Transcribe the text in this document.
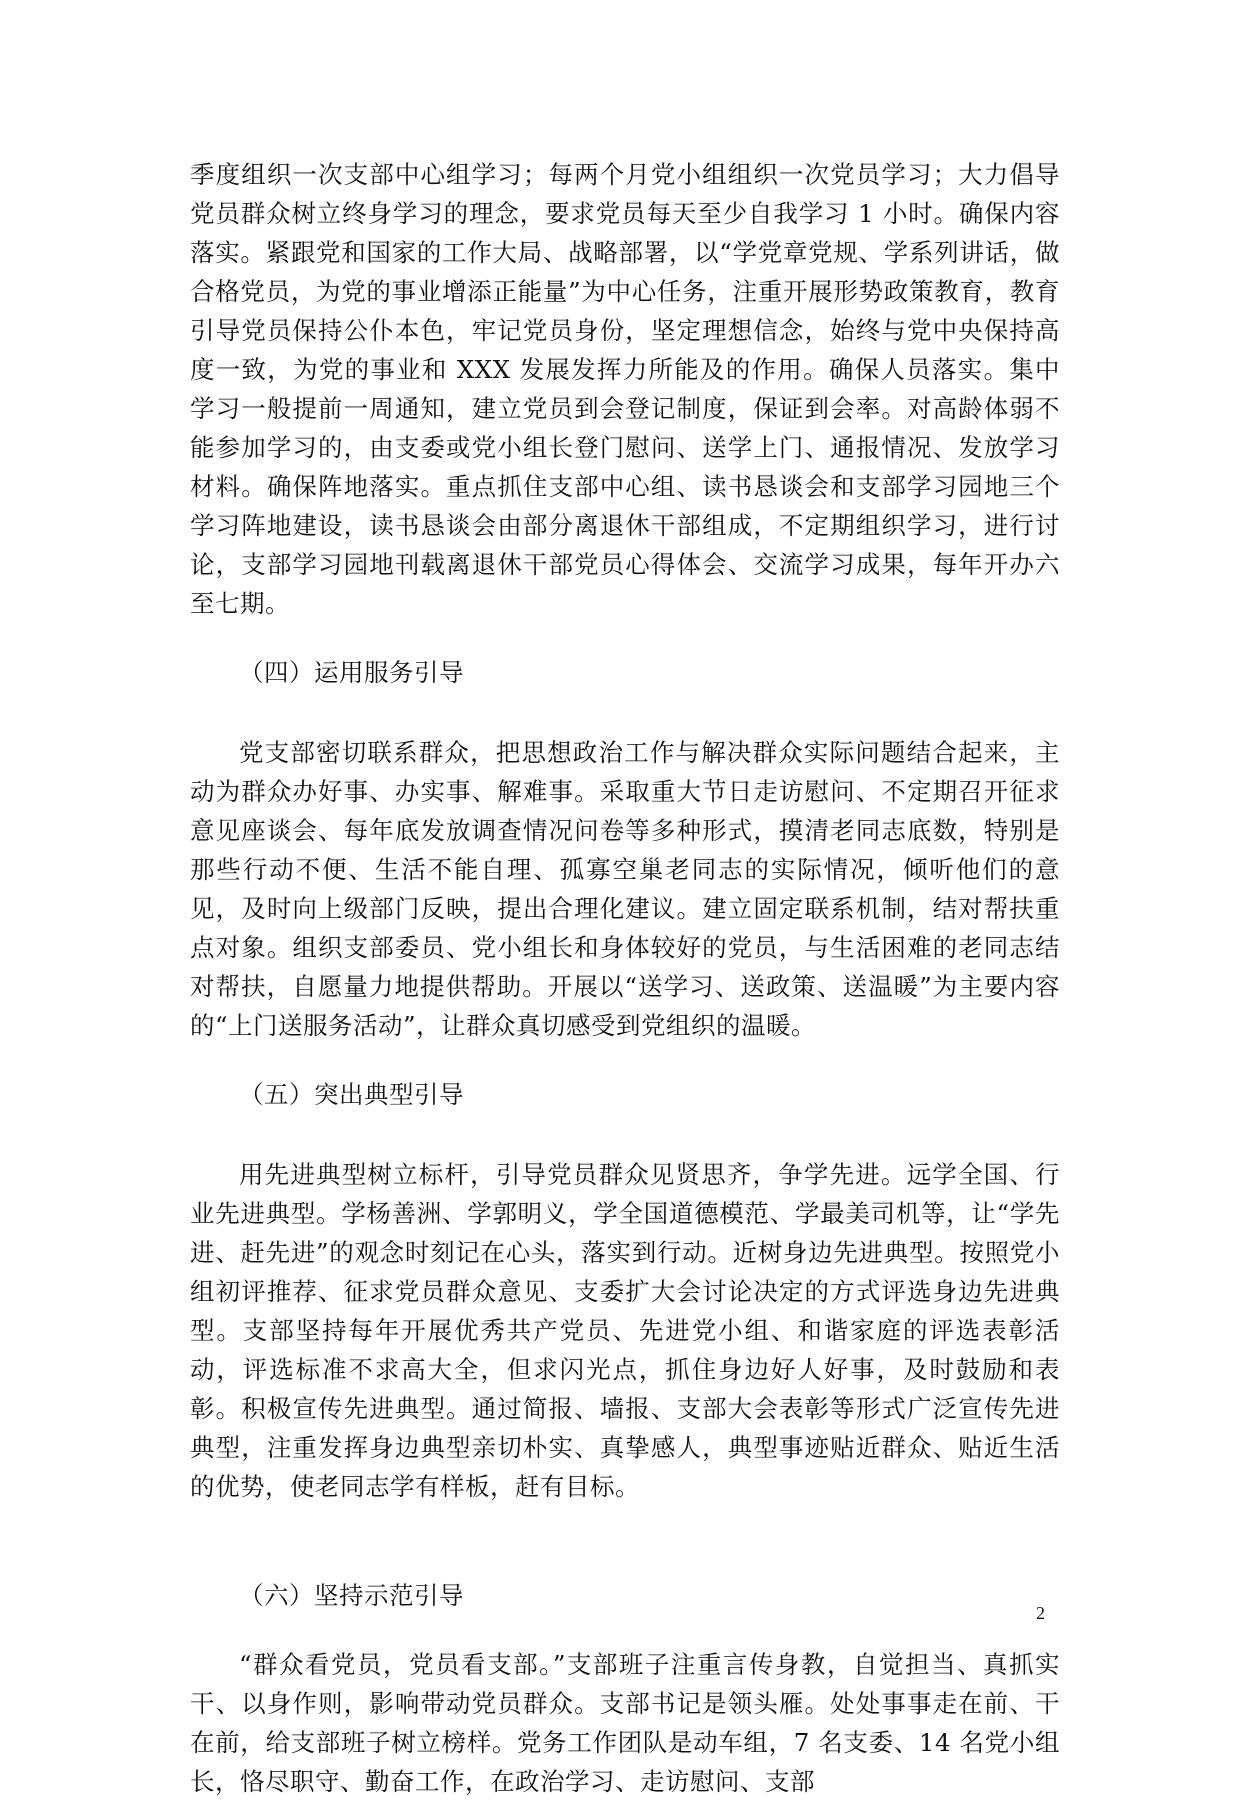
季度组织一次支部中心组学习；每两个月党小组组织一次党员学习；大力倡导党员群众树立终身学习的理念，要求党员每天至少自我学习 1 小时。确保内容落实。紧跟党和国家的工作大局、战略部署，以“学党章党规、学系列讲话，做合格党员，为党的事业增添正能量”为中心任务，注重开展形势政策教育，教育引导党员保持公仆本色，牢记党员身份，坚定理想信念，始终与党中央保持高度一致，为党的事业和 XXX 发展发挥力所能及的作用。确保人员落实。集中学习一般提前一周通知，建立党员到会登记制度，保证到会率。对高龄体弱不能参加学习的，由支委或党小组长登门慰问、送学上门、通报情况、发放学习材料。确保阵地落实。重点抓住支部中心组、读书恳谈会和支部学习园地三个学习阵地建设，读书恳谈会由部分离退休干部组成，不定期组织学习，进行讨论，支部学习园地刊载离退休干部党员心得体会、交流学习成果，每年开办六至七期。

（四）运用服务引导

党支部密切联系群众，把思想政治工作与解决群众实际问题结合起来，主动为群众办好事、办实事、解难事。采取重大节日走访慰问、不定期召开征求意见座谈会、每年底发放调查情况问卷等多种形式，摸清老同志底数，特别是那些行动不便、生活不能自理、孤寡空巢老同志的实际情况，倾听他们的意见，及时向上级部门反映，提出合理化建议。建立固定联系机制，结对帮扶重点对象。组织支部委员、党小组长和身体较好的党员，与生活困难的老同志结对帮扶，自愿量力地提供帮助。开展以“送学习、送政策、送温暖”为主要内容的“上门送服务活动”，让群众真切感受到党组织的温暖。

（五）突出典型引导

用先进典型树立标杆，引导党员群众见贤思齐，争学先进。远学全国、行业先进典型。学杨善洲、学郭明义，学全国道德模范、学最美司机等，让“学先进、赶先进”的观念时刻记在心头，落实到行动。近树身边先进典型。按照党小组初评推荐、征求党员群众意见、支委扩大会讨论决定的方式评选身边先进典型。支部坚持每年开展优秀共产党员、先进党小组、和谐家庭的评选表彰活动，评选标准不求高大全，但求闪光点，抓住身边好人好事，及时鼓励和表彰。积极宣传先进典型。通过简报、墙报、支部大会表彰等形式广泛宣传先进典型，注重发挥身边典型亲切朴实、真挚感人，典型事迹贴近群众、贴近生活的优势，使老同志学有样板，赶有目标。

（六）坚持示范引导

“群众看党员，党员看支部。”支部班子注重言传身教，自觉担当、真抓实干、以身作则，影响带动党员群众。支部书记是领头雁。处处事事走在前、干在前，给支部班子树立榜样。党务工作团队是动车组，7 名支委、14 名党小组长，恪尽职守、勤奋工作，在政治学习、走访慰问、支部

2
